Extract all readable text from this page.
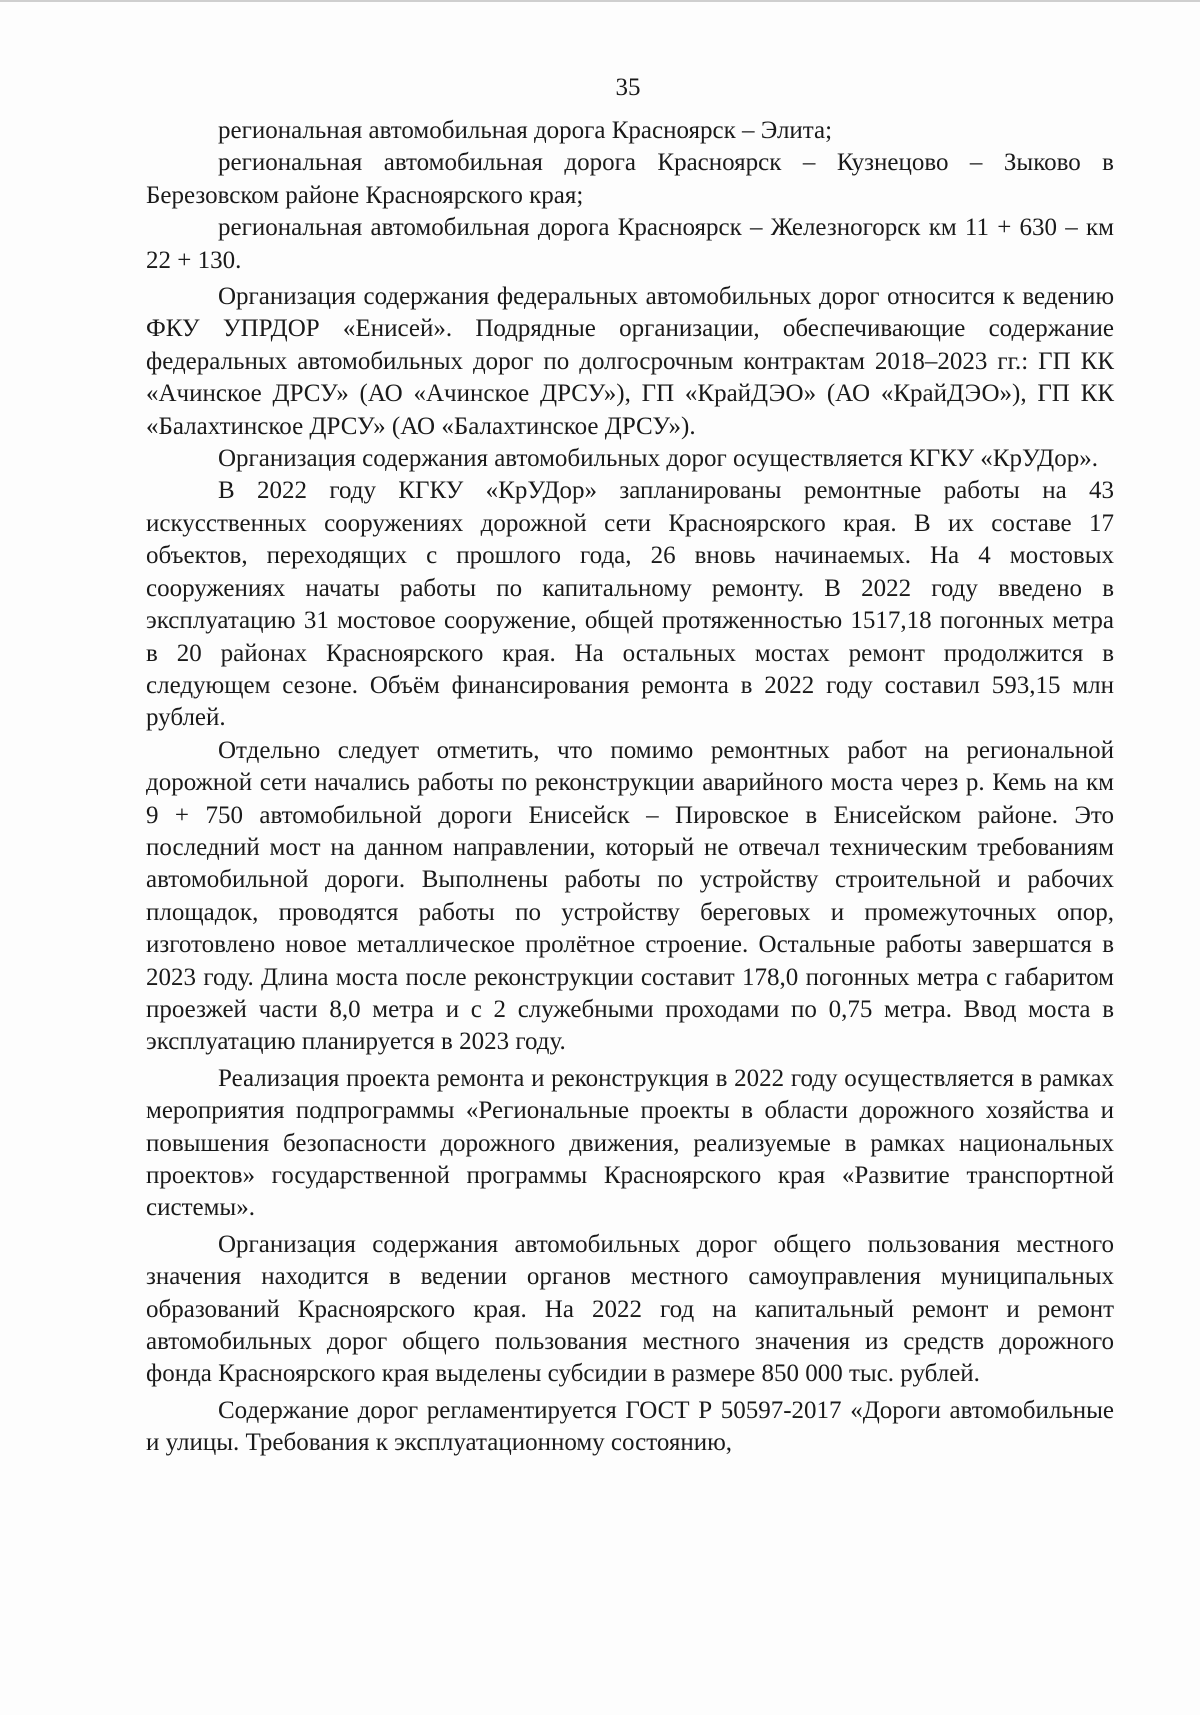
35

региональная автомобильная дорога Красноярск – Элита;

региональная автомобильная дорога Красноярск – Кузнецово – Зыково в Березовском районе Красноярского края;

региональная автомобильная дорога Красноярск – Железногорск км 11 + 630 – км 22 + 130.

Организация содержания федеральных автомобильных дорог относится к ведению ФКУ УПРДОР «Енисей». Подрядные организации, обеспечивающие содержание федеральных автомобильных дорог по долгосрочным контрактам 2018–2023 гг.: ГП КК «Ачинское ДРСУ» (АО «Ачинское ДРСУ»), ГП «КрайДЭО» (АО «КрайДЭО»), ГП КК «Балахтинское ДРСУ» (АО «Балахтинское ДРСУ»).

Организация содержания автомобильных дорог осуществляется КГКУ «КрУДор».

В 2022 году КГКУ «КрУДор» запланированы ремонтные работы на 43 искусственных сооружениях дорожной сети Красноярского края. В их составе 17 объектов, переходящих с прошлого года, 26 вновь начинаемых. На 4 мостовых сооружениях начаты работы по капитальному ремонту. В 2022 году введено в эксплуатацию 31 мостовое сооружение, общей протяженностью 1517,18 погонных метра в 20 районах Красноярского края. На остальных мостах ремонт продолжится в следующем сезоне. Объём финансирования ремонта в 2022 году составил 593,15 млн рублей.

Отдельно следует отметить, что помимо ремонтных работ на региональной дорожной сети начались работы по реконструкции аварийного моста через р. Кемь на км 9 + 750 автомобильной дороги Енисейск – Пировское в Енисейском районе. Это последний мост на данном направлении, который не отвечал техническим требованиям автомобильной дороги. Выполнены работы по устройству строительной и рабочих площадок, проводятся работы по устройству береговых и промежуточных опор, изготовлено новое металлическое пролётное строение. Остальные работы завершатся в 2023 году. Длина моста после реконструкции составит 178,0 погонных метра с габаритом проезжей части 8,0 метра и с 2 служебными проходами по 0,75 метра. Ввод моста в эксплуатацию планируется в 2023 году.

Реализация проекта ремонта и реконструкция в 2022 году осуществляется в рамках мероприятия подпрограммы «Региональные проекты в области дорожного хозяйства и повышения безопасности дорожного движения, реализуемые в рамках национальных проектов» государственной программы Красноярского края «Развитие транспортной системы».

Организация содержания автомобильных дорог общего пользования местного значения находится в ведении органов местного самоуправления муниципальных образований Красноярского края. На 2022 год на капитальный ремонт и ремонт автомобильных дорог общего пользования местного значения из средств дорожного фонда Красноярского края выделены субсидии в размере 850 000 тыс. рублей.

Содержание дорог регламентируется ГОСТ Р 50597-2017 «Дороги автомобильные и улицы. Требования к эксплуатационному состоянию,
